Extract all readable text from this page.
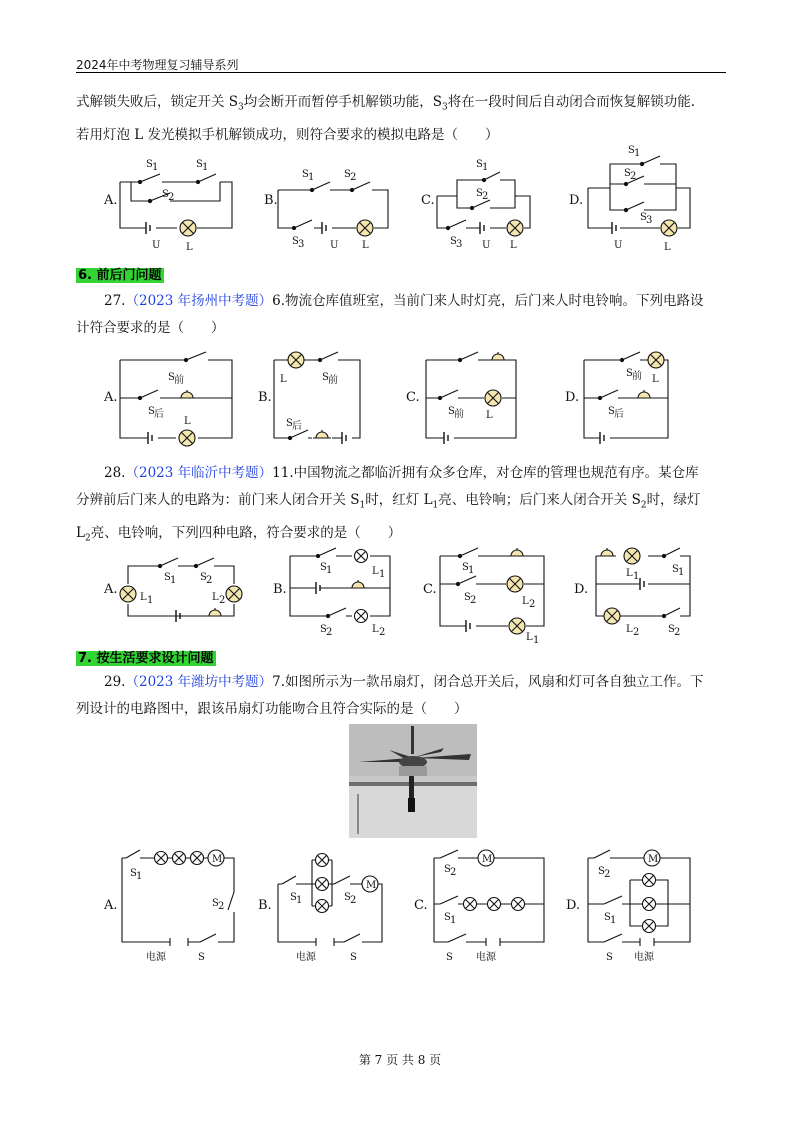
2024年中考物理复习辅导系列

式解锁失败后，锁定开关 $S_3$均会断开而暂停手机解锁功能，$S_3$将在一段时间后自动闭合而恢复解锁功能.
若用灯泡 L 发光模拟手机解锁成功，则符合要求的模拟电路是（　　）

A.	B.	C.	D.
6. 前后门问题

27.（2023 年扬州中考题）6.物流仓库值班室，当前门来人时灯亮，后门来人时电铃响。下列电路设
计符合要求的是（　　）

A.	B.	C.	D.

28.（2023 年临沂中考题）11.中国物流之都临沂拥有众多仓库，对仓库的管理也规范有序。某仓库
分辨前后门来人的电路为：前门来人闭合开关 $S_1$时，红灯 $L_1$亮、电铃响；后门来人闭合开关 $S_2$时，绿灯
$L_2$亮、电铃响，下列四种电路，符合要求的是（　　）

A.	B.	C.	D.
7. 按生活要求设计问题

29.（2023 年潍坊中考题）7.如图所示为一款吊扇灯，闭合总开关后，风扇和灯可各自独立工作。下
列设计的电路图中，跟该吊扇灯功能吻合且符合实际的是（　　）

A.	B.	C.	D.
S 1	S 1
S 2
U	L
S 1	S 2
S 3	U L
S 1
S 2
S 3 U L
S 1
S 2
S 3
U	L
S 前
S 后
L
L	S 前
S 后
S 前 L
S 前 L
S 后
S 1 S 2
L 1	L 2
S 1	L 1
S 2	L 2
S 1
S 2	L 2
L 1
L 1
S 1
L 2	S 2
M
S 1
S 2
电源	S
M
S 1	S 2
电源	S
M
S 2
S 1
S 电源
M
S 2
S 1
S 电源
第 7 页 共 8 页
